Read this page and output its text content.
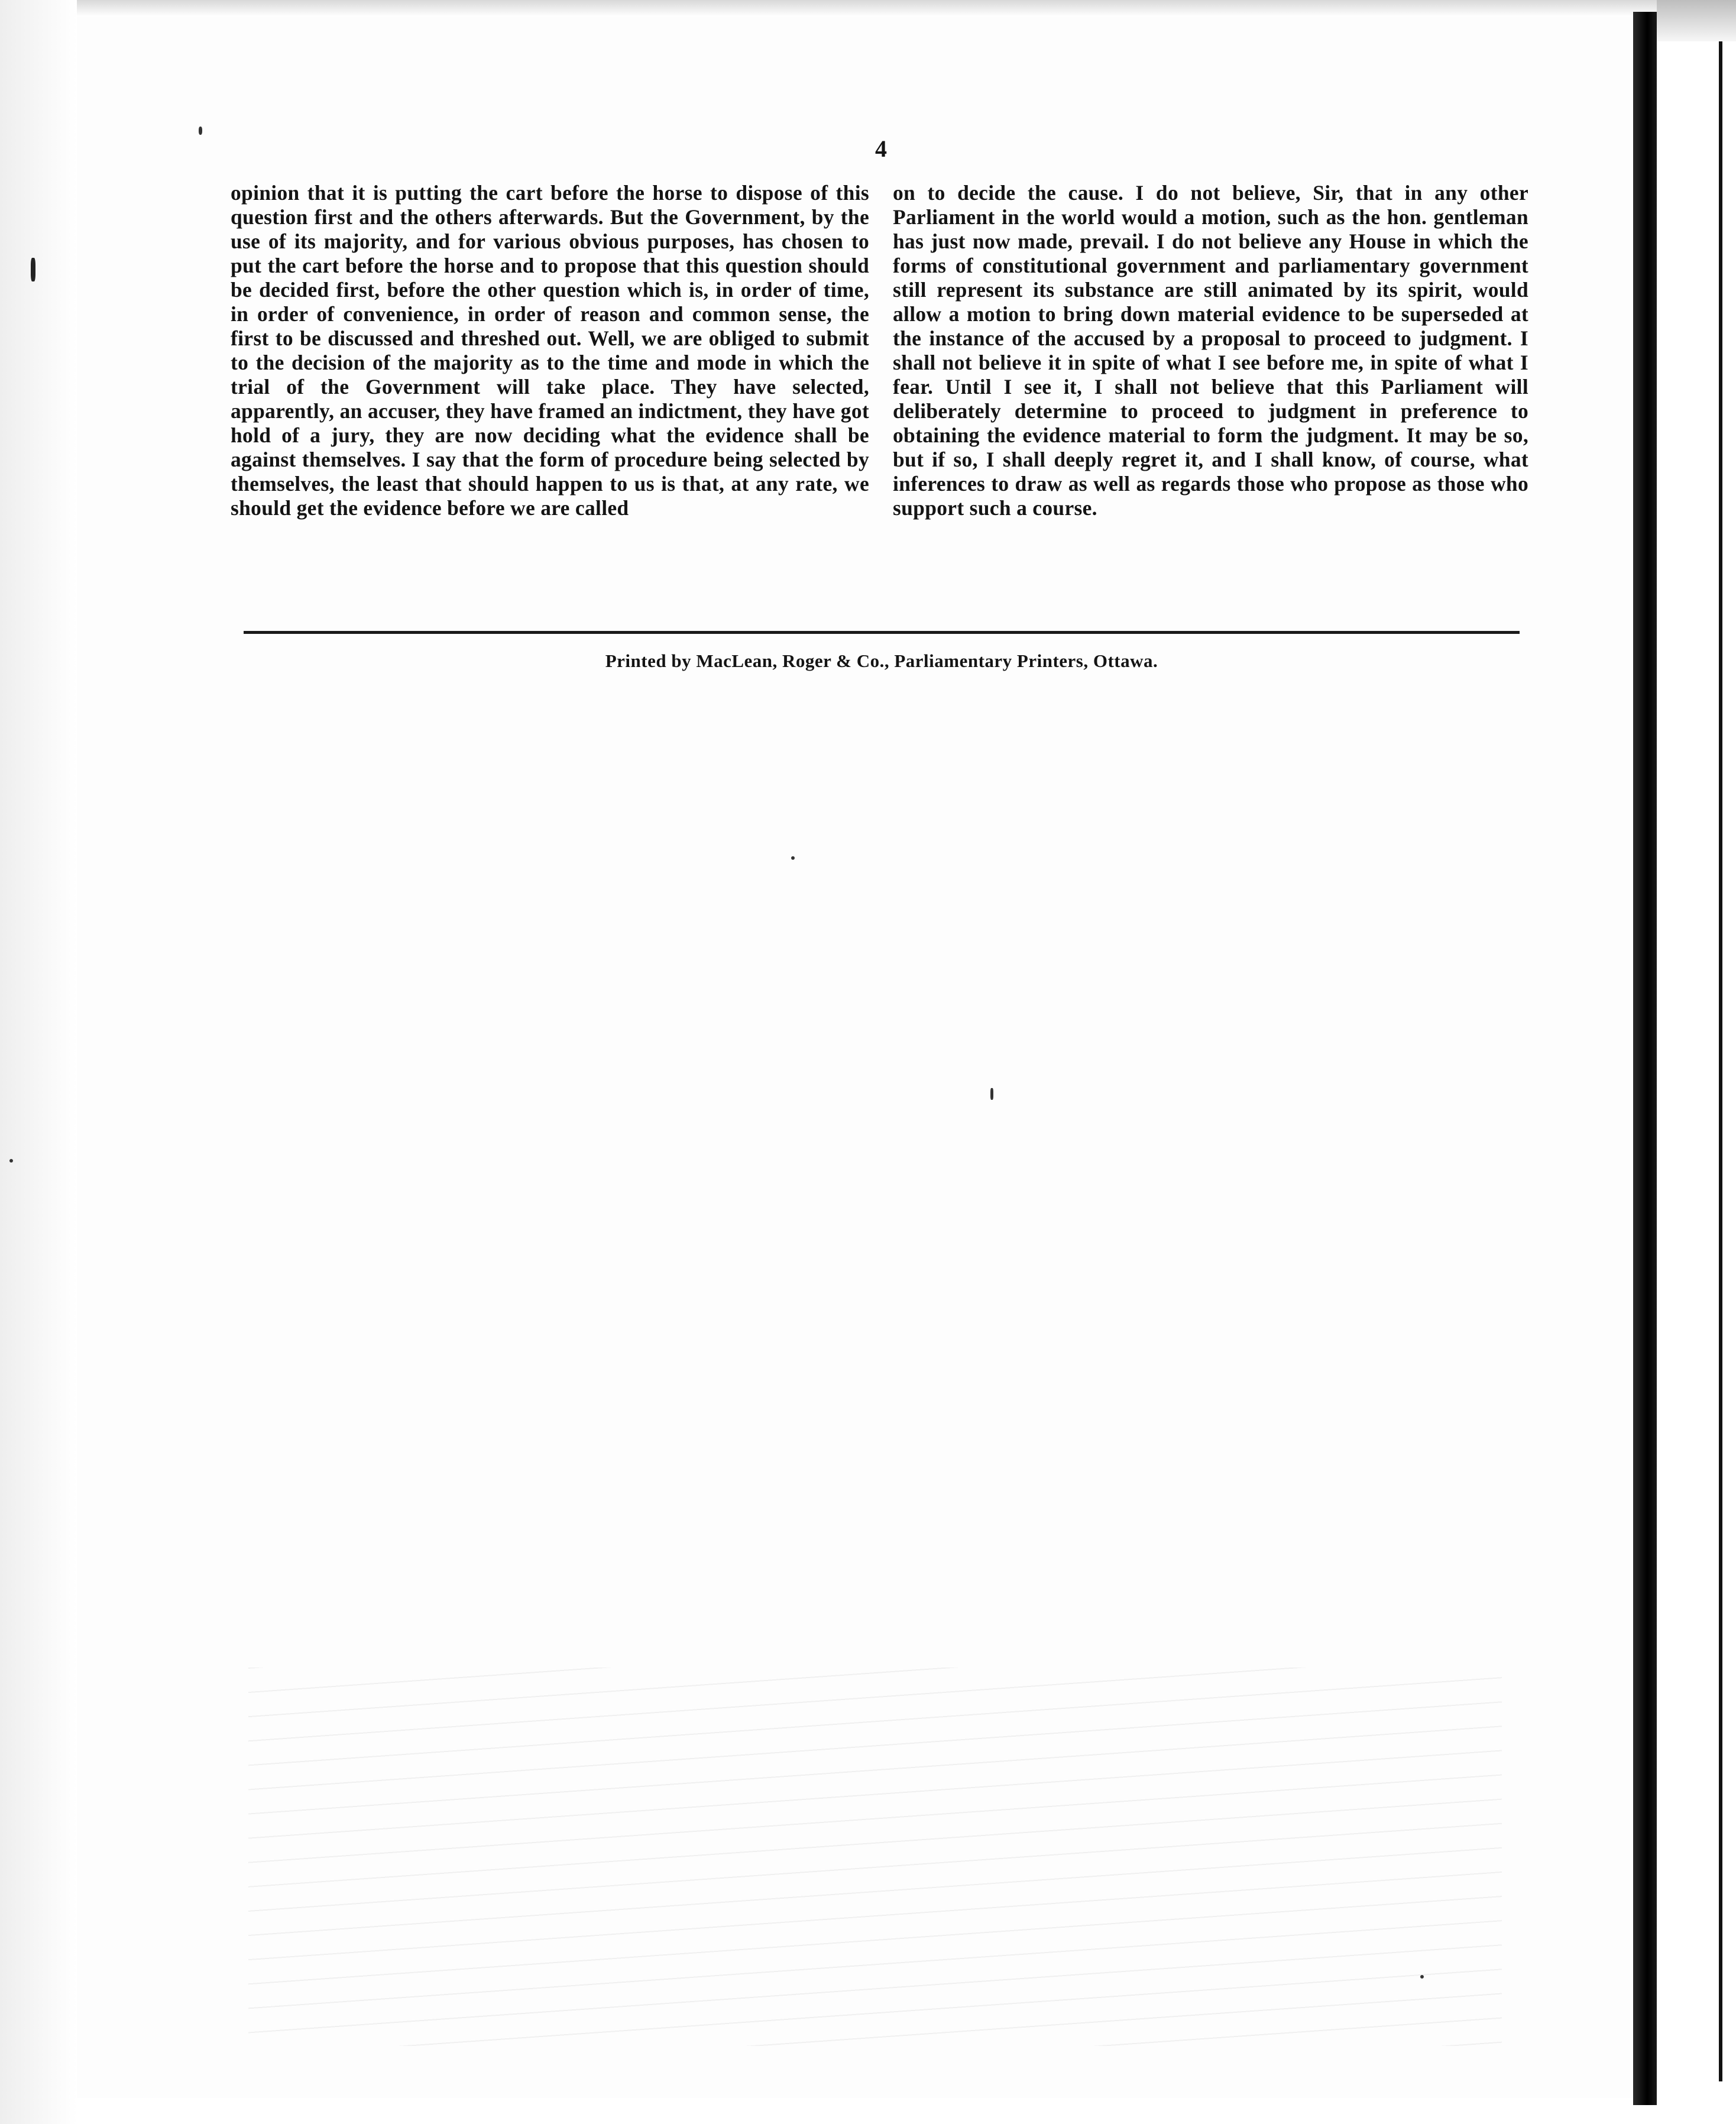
4

opinion that it is putting the cart before the horse to dispose of this question first and the others afterwards. But the Government, by the use of its majority, and for various obvious purposes, has chosen to put the cart before the horse and to propose that this question should be decided first, before the other question which is, in order of time, in order of convenience, in order of reason and common sense, the first to be discussed and threshed out. Well, we are obliged to submit to the decision of the majority as to the time and mode in which the trial of the Government will take place. They have selected, apparently, an accuser, they have framed an indictment, they have got hold of a jury, they are now deciding what the evidence shall be against themselves. I say that the form of procedure being selected by themselves, the least that should happen to us is that, at any rate, we should get the evidence before we are called

on to decide the cause. I do not believe, Sir, that in any other Parliament in the world would a motion, such as the hon. gentleman has just now made, prevail. I do not believe any House in which the forms of constitutional government and parliamentary government still represent its substance are still animated by its spirit, would allow a motion to bring down material evidence to be superseded at the instance of the accused by a proposal to proceed to judgment. I shall not believe it in spite of what I see before me, in spite of what I fear. Until I see it, I shall not believe that this Parliament will deliberately determine to proceed to judgment in preference to obtaining the evidence material to form the judgment. It may be so, but if so, I shall deeply regret it, and I shall know, of course, what inferences to draw as well as regards those who propose as those who support such a course.

Printed by MacLean, Roger & Co., Parliamentary Printers, Ottawa.
